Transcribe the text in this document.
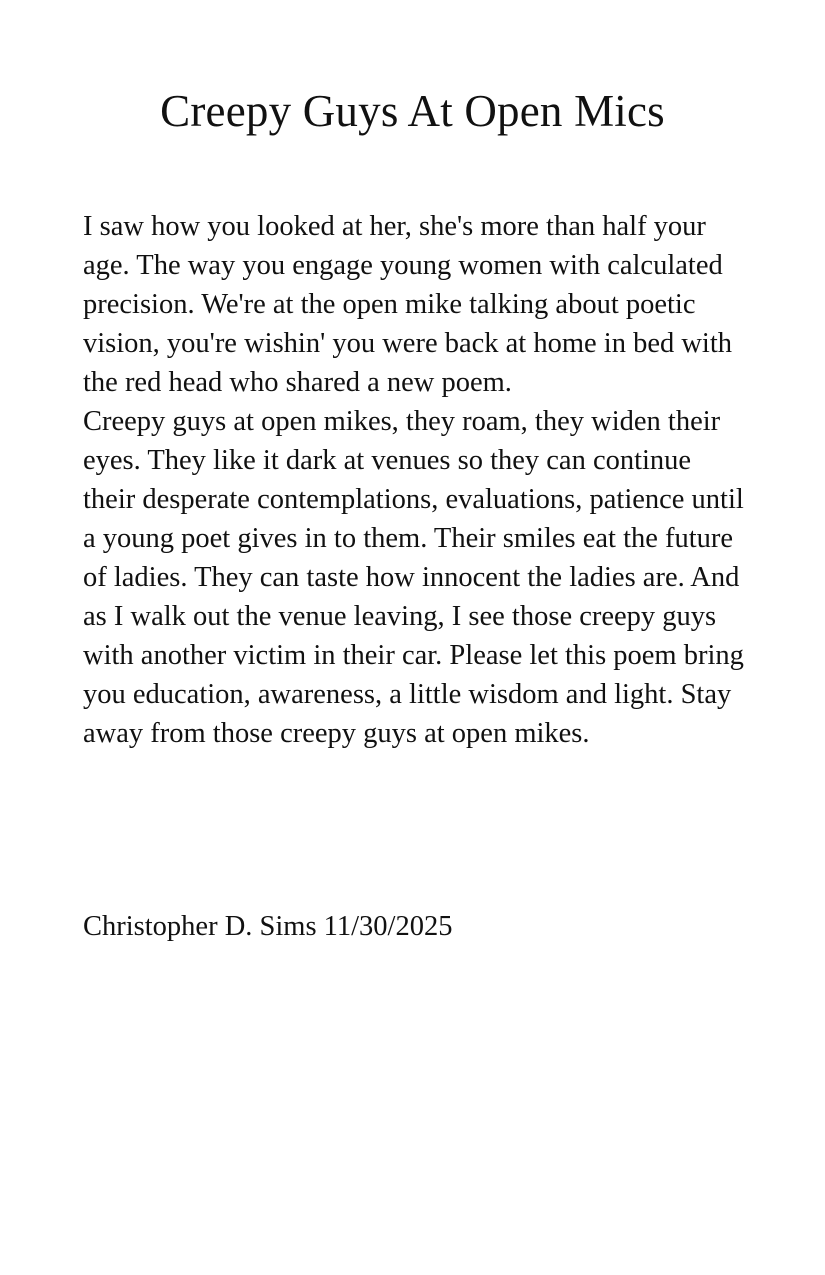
Creepy Guys At Open Mics

I saw how you looked at her, she's more than half your age. The way you engage young women with calculated precision. We're at the open mike talking about poetic vision, you're wishin' you were back at home in bed with the red head who shared a new poem.

Creepy guys at open mikes, they roam, they widen their eyes. They like it dark at venues so they can continue their desperate contemplations, evaluations, patience until a young poet gives in to them. Their smiles eat the future of ladies. They can taste how innocent the ladies are. And as I walk out the venue leaving, I see those creepy guys with another victim in their car. Please let this poem bring you education, awareness, a little wisdom and light. Stay away from those creepy guys at open mikes.

Christopher D. Sims 11/30/2025
